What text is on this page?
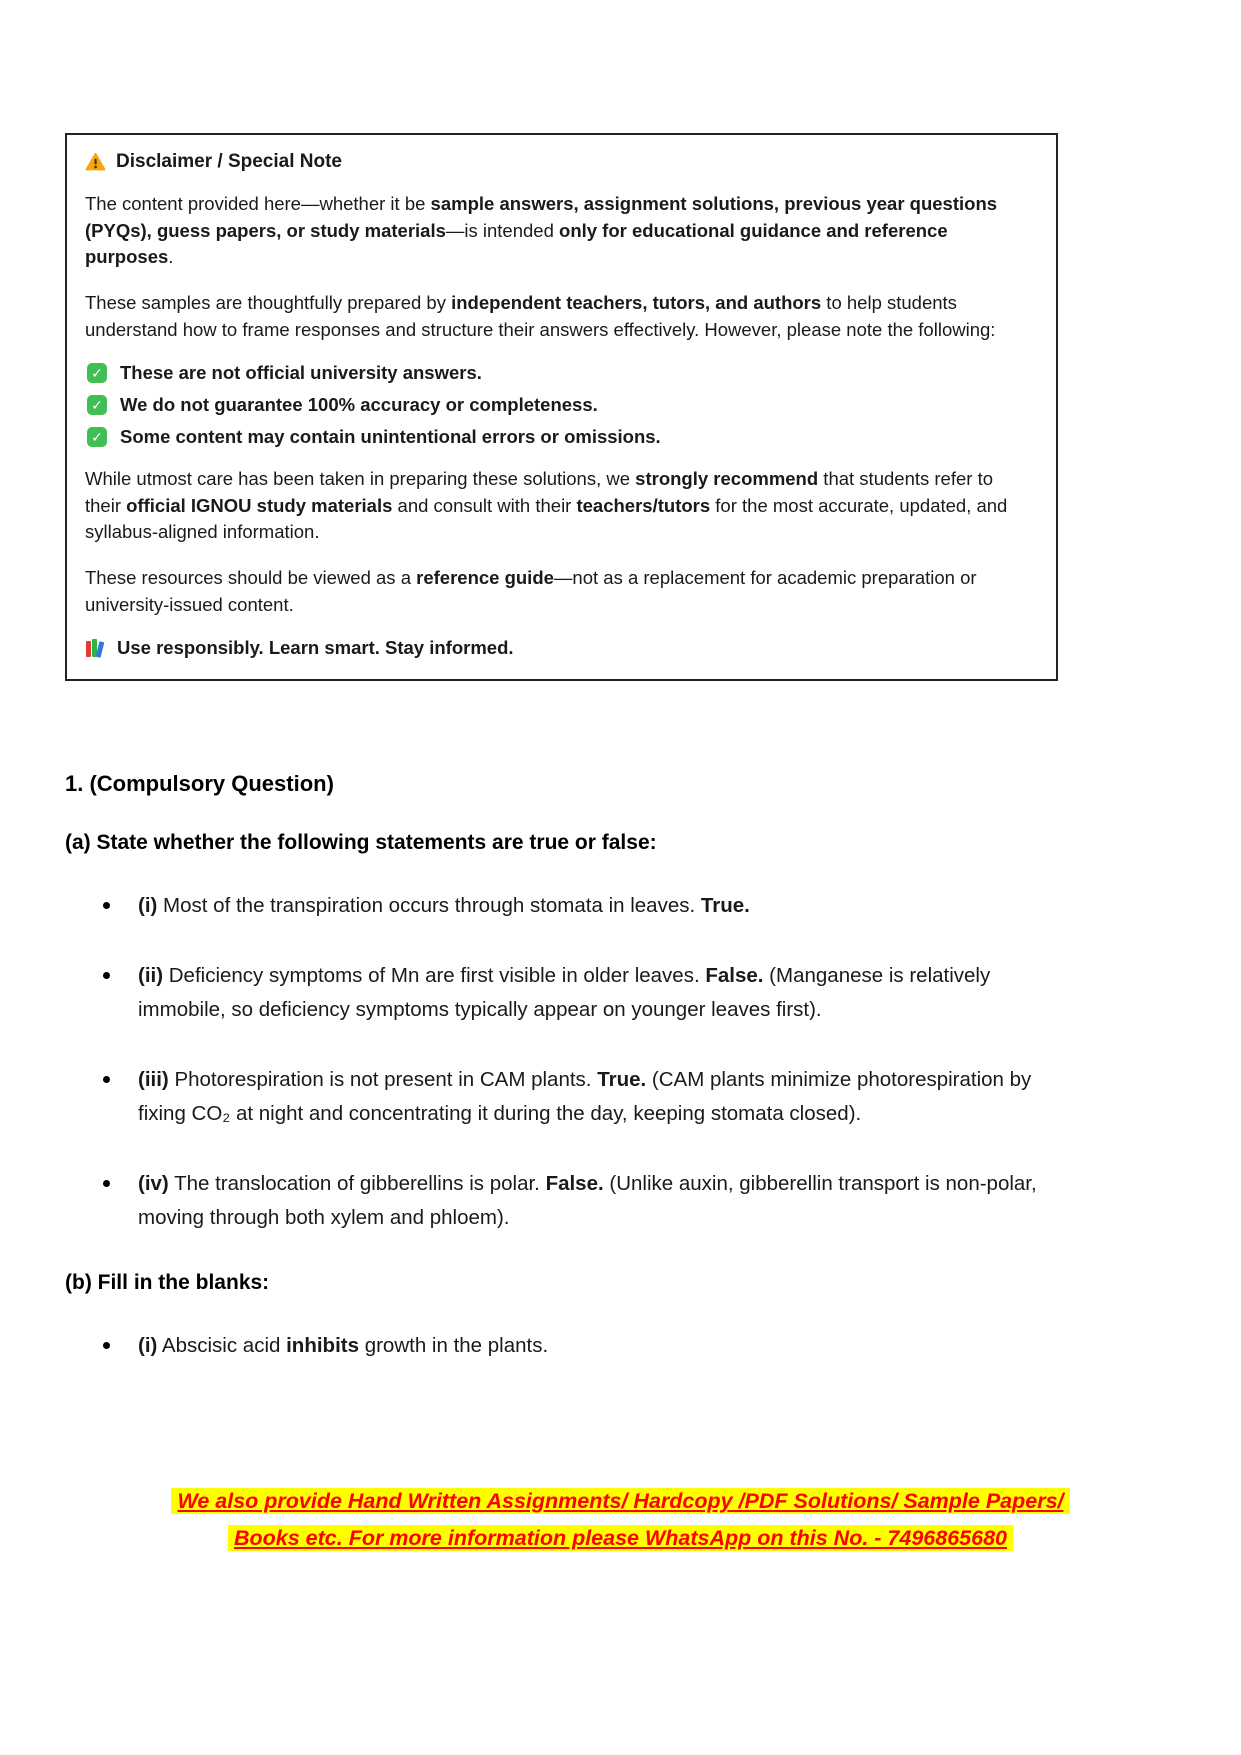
Disclaimer / Special Note

The content provided here—whether it be sample answers, assignment solutions, previous year questions (PYQs), guess papers, or study materials—is intended only for educational guidance and reference purposes.

These samples are thoughtfully prepared by independent teachers, tutors, and authors to help students understand how to frame responses and structure their answers effectively. However, please note the following:

✓ These are not official university answers.
✓ We do not guarantee 100% accuracy or completeness.
✓ Some content may contain unintentional errors or omissions.

While utmost care has been taken in preparing these solutions, we strongly recommend that students refer to their official IGNOU study materials and consult with their teachers/tutors for the most accurate, updated, and syllabus-aligned information.

These resources should be viewed as a reference guide—not as a replacement for academic preparation or university-issued content.

Use responsibly. Learn smart. Stay informed.
1. (Compulsory Question)
(a) State whether the following statements are true or false:

(i) Most of the transpiration occurs through stomata in leaves. True.

(ii) Deficiency symptoms of Mn are first visible in older leaves. False. (Manganese is relatively immobile, so deficiency symptoms typically appear on younger leaves first).

(iii) Photorespiration is not present in CAM plants. True. (CAM plants minimize photorespiration by fixing CO₂ at night and concentrating it during the day, keeping stomata closed).

(iv) The translocation of gibberellins is polar. False. (Unlike auxin, gibberellin transport is non-polar, moving through both xylem and phloem).

(b) Fill in the blanks:

(i) Abscisic acid inhibits growth in the plants.

We also provide Hand Written Assignments/ Hardcopy /PDF Solutions/ Sample Papers/
Books etc. For more information please WhatsApp on this No. - 7496865680
